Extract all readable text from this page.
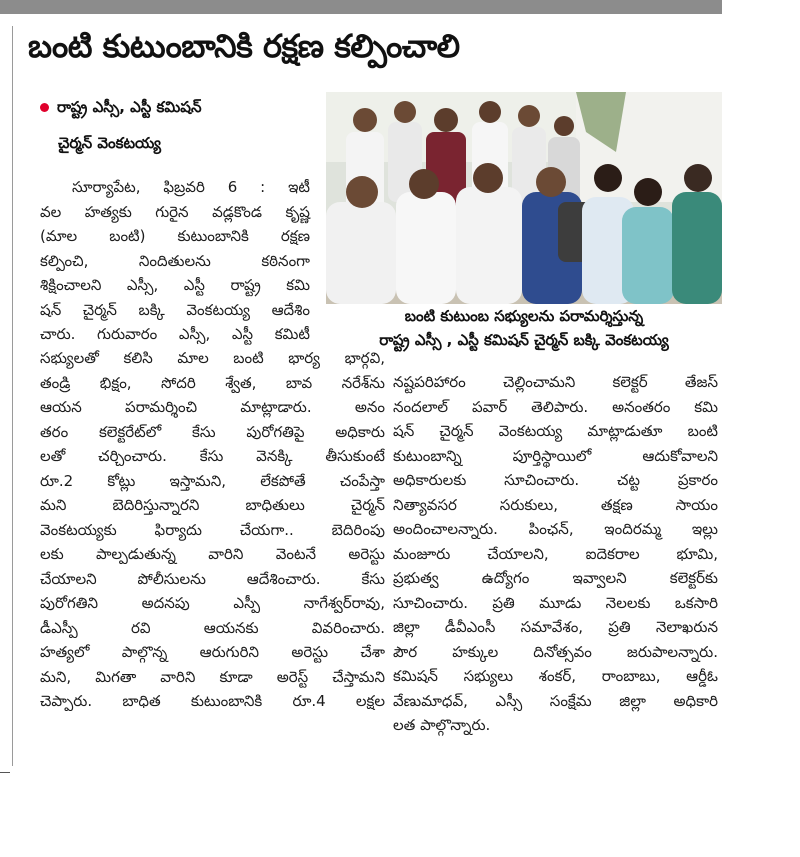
బంటి కుటుంబానికి రక్షణ కల్పించాలి
రాష్ట్ర ఎస్సీ, ఎస్టీ కమిషన్
చైర్మన్ వెంకటయ్య

సూర్యాపేట, ఫిబ్రవరి 6 : ఇటీ

వల హత్యకు గురైన వడ్లకొండ కృష్ణ

(మాల బంటి) కుటుంబానికి రక్షణ

కల్పించి, నిందితులను కఠినంగా

శిక్షించాలని ఎస్సీ, ఎస్టీ రాష్ట్ర కమి

షన్ చైర్మన్ బక్కి వెంకటయ్య ఆదేశిం

చారు. గురువారం ఎస్సీ, ఎస్టీ కమిటీ

సభ్యులతో కలిసి మాల బంటి భార్య భార్గవి,

తండ్రి భిక్షం, సోదరి శ్వేత, బావ నరేశ్‌ను

ఆయన పరామర్శించి మాట్లాడారు. అనం

తరం కలెక్టరేట్‌లో కేసు పురోగతిపై అధికారు

లతో చర్చించారు. కేసు వెనక్కి తీసుకుంటే

రూ.2 కోట్లు ఇస్తామని, లేకపోతే చంపేస్తా

మని బెదిరిస్తున్నారని బాధితులు చైర్మన్

వెంకటయ్యకు ఫిర్యాదు చేయగా.. బెదిరింపు

లకు పాల్పడుతున్న వారిని వెంటనే అరెస్టు

చేయాలని పోలీసులను ఆదేశించారు. కేసు

పురోగతిని అదనపు ఎస్పీ నాగేశ్వర్‌రావు,

డీఎస్పీ రవి ఆయనకు వివరించారు.

హత్యలో పాల్గొన్న ఆరుగురిని అరెస్టు చేశా

మని, మిగతా వారిని కూడా అరెస్ట్ చేస్తామని

చెప్పారు. బాధిత కుటుంబానికి రూ.4 లక్షల

బంటి కుటుంబ సభ్యులను పరామర్శిస్తున్న

రాష్ట్ర ఎస్సీ , ఎస్టీ కమిషన్ చైర్మన్ బక్కి వెంకటయ్య

నష్టపరిహారం చెల్లించామని కలెక్టర్ తేజస్

నందలాల్ పవార్ తెలిపారు. అనంతరం కమి

షన్ చైర్మన్ వెంకటయ్య మాట్లాడుతూ బంటి

కుటుంబాన్ని పూర్తిస్థాయిలో ఆదుకోవాలని

అధికారులకు సూచించారు. చట్ట ప్రకారం

నిత్యావసర సరుకులు, తక్షణ సాయం

అందించాలన్నారు. పింఛన్, ఇందిరమ్మ ఇల్లు

మంజూరు చేయాలని, ఐదెకరాల భూమి,

ప్రభుత్వ ఉద్యోగం ఇవ్వాలని కలెక్టర్‌కు

సూచించారు. ప్రతి మూడు నెలలకు ఒకసారి

జిల్లా డీవీఎంసీ సమావేశం, ప్రతి నెలాఖరున

పౌర హక్కుల దినోత్సవం జరుపాలన్నారు.

కమిషన్ సభ్యులు శంకర్, రాంబాబు, ఆర్డీఓ

వేణుమాధవ్, ఎస్సీ సంక్షేమ జిల్లా అధికారి

లత పాల్గొన్నారు.
